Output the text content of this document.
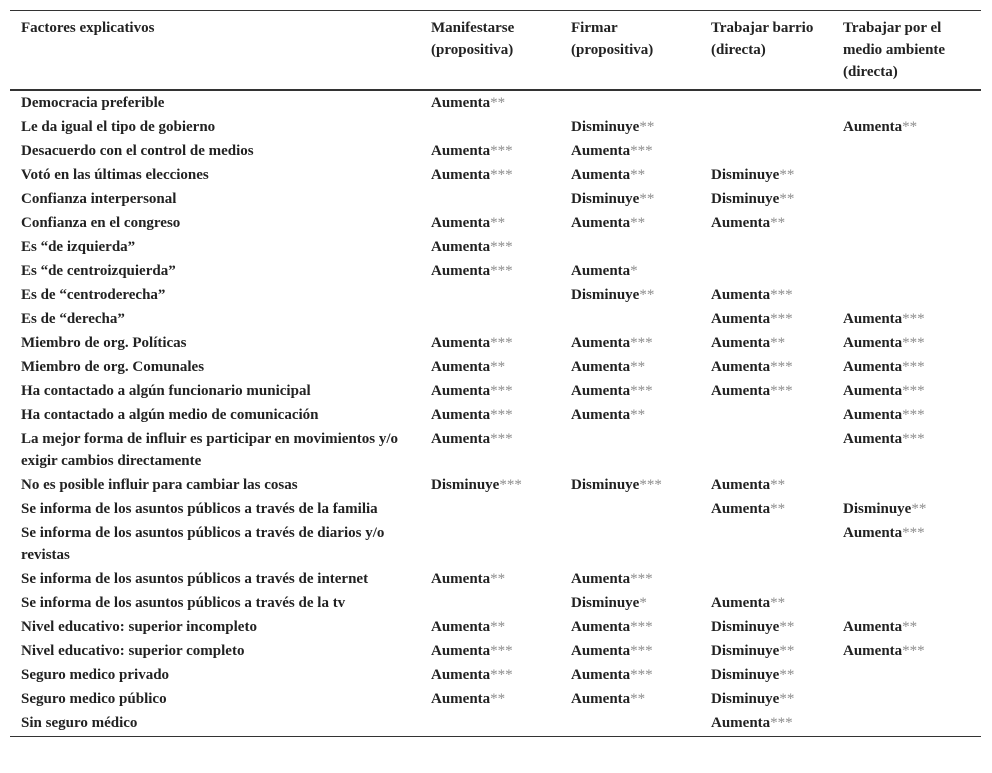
Factores explicativos	Manifestarse (propositiva)	Firmar (propositiva)	Trabajar barrio (directa)	Trabajar por el medio ambiente (directa)
Democracia preferible	Aumenta**			
Le da igual el tipo de gobierno		Disminuye**		Aumenta**
Desacuerdo con el control de medios	Aumenta***	Aumenta***		
Votó en las últimas elecciones	Aumenta***	Aumenta**	Disminuye**	
Confianza interpersonal		Disminuye**	Disminuye**	
Confianza en el congreso	Aumenta**	Aumenta**	Aumenta**	
Es “de izquierda”	Aumenta***			
Es “de centroizquierda”	Aumenta***	Aumenta*		
Es de “centroderecha”		Disminuye**	Aumenta***	
Es de “derecha”			Aumenta***	Aumenta***
Miembro de org. Políticas	Aumenta***	Aumenta***	Aumenta**	Aumenta***
Miembro de org. Comunales	Aumenta**	Aumenta**	Aumenta***	Aumenta***
Ha contactado a algún funcionario municipal	Aumenta***	Aumenta***	Aumenta***	Aumenta***
Ha contactado a algún medio de comunicación	Aumenta***	Aumenta**		Aumenta***
La mejor forma de influir es participar en movimientos y/o exigir cambios directamente	Aumenta***			Aumenta***
No es posible influir para cambiar las cosas	Disminuye***	Disminuye***	Aumenta**	
Se informa de los asuntos públicos a través de la familia			Aumenta**	Disminuye**
Se informa de los asuntos públicos a través de diarios y/o revistas				Aumenta***
Se informa de los asuntos públicos a través de internet	Aumenta**	Aumenta***		
Se informa de los asuntos públicos a través de la tv		Disminuye*	Aumenta**	
Nivel educativo: superior incompleto	Aumenta**	Aumenta***	Disminuye**	Aumenta**
Nivel educativo: superior completo	Aumenta***	Aumenta***	Disminuye**	Aumenta***
Seguro medico privado	Aumenta***	Aumenta***	Disminuye**	
Seguro medico público	Aumenta**	Aumenta**	Disminuye**	
Sin seguro médico			Aumenta***	
